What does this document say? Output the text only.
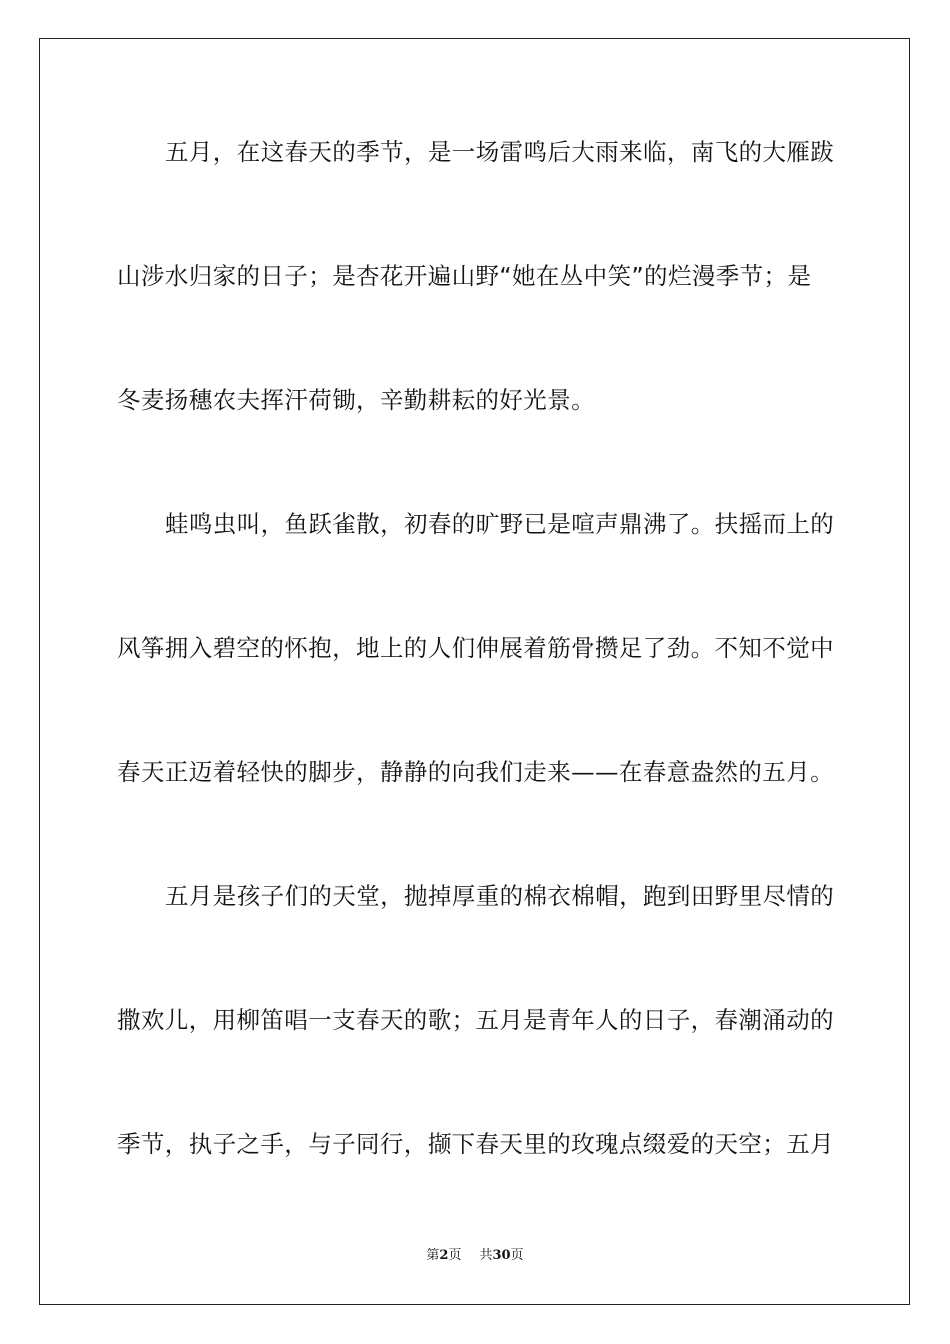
五月，在这春天的季节，是一场雷鸣后大雨来临，南飞的大雁跋
山涉水归家的日子；是杏花开遍山野“她在丛中笑”的烂漫季节；是
冬麦扬穗农夫挥汗荷锄，辛勤耕耘的好光景。
蛙鸣虫叫，鱼跃雀散，初春的旷野已是喧声鼎沸了。扶摇而上的
风筝拥入碧空的怀抱，地上的人们伸展着筋骨攒足了劲。不知不觉中
春天正迈着轻快的脚步，静静的向我们走来——在春意盎然的五月。
五月是孩子们的天堂，抛掉厚重的棉衣棉帽，跑到田野里尽情的
撒欢儿，用柳笛唱一支春天的歌；五月是青年人的日子，春潮涌动的
季节，执子之手，与子同行，撷下春天里的玫瑰点缀爱的天空；五月
第2页 共30页
